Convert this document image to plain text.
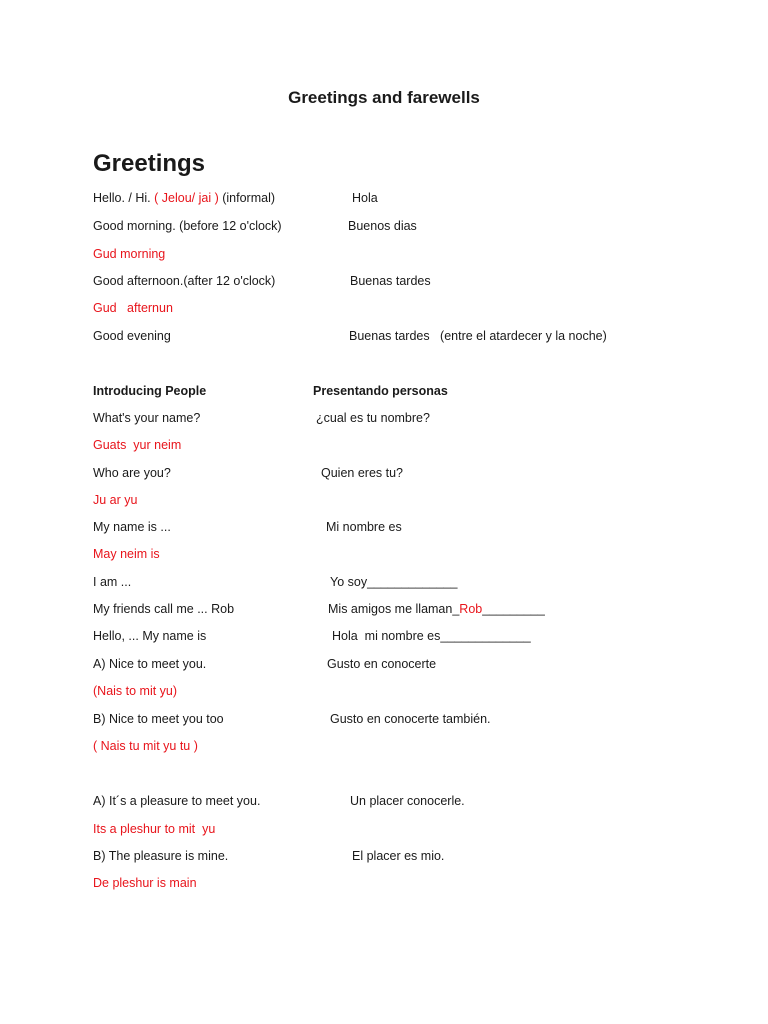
Greetings and farewells
Greetings
Hello. / Hi. ( Jelou/ jai ) (informal)	Hola
Good morning. (before 12 o'clock)	Buenos dias
Gud morning
Good afternoon.(after 12 o'clock)	Buenas tardes
Gud   afternun
Good evening	Buenas tardes   (entre el atardecer y la noche)
Introducing People	Presentando personas
What's your name?	¿cual es tu nombre?
Guats  yur neim
Who are you?	Quien eres tu?
Ju ar yu
My name is ...	Mi nombre es
May neim is
I am ...	Yo soy_____________
My friends call me ... Rob	Mis amigos me llaman_Rob_________
Hello, ... My name is	Hola  mi nombre es_____________
A) Nice to meet you.	Gusto en conocerte
(Nais to mit yu)
B) Nice to meet you too	Gusto en conocerte también.
( Nais tu mit yu tu )
A) It´s a pleasure to meet you.	Un placer conocerle.
Its a pleshur to mit  yu
B) The pleasure is mine.	El placer es mio.
De pleshur is main
